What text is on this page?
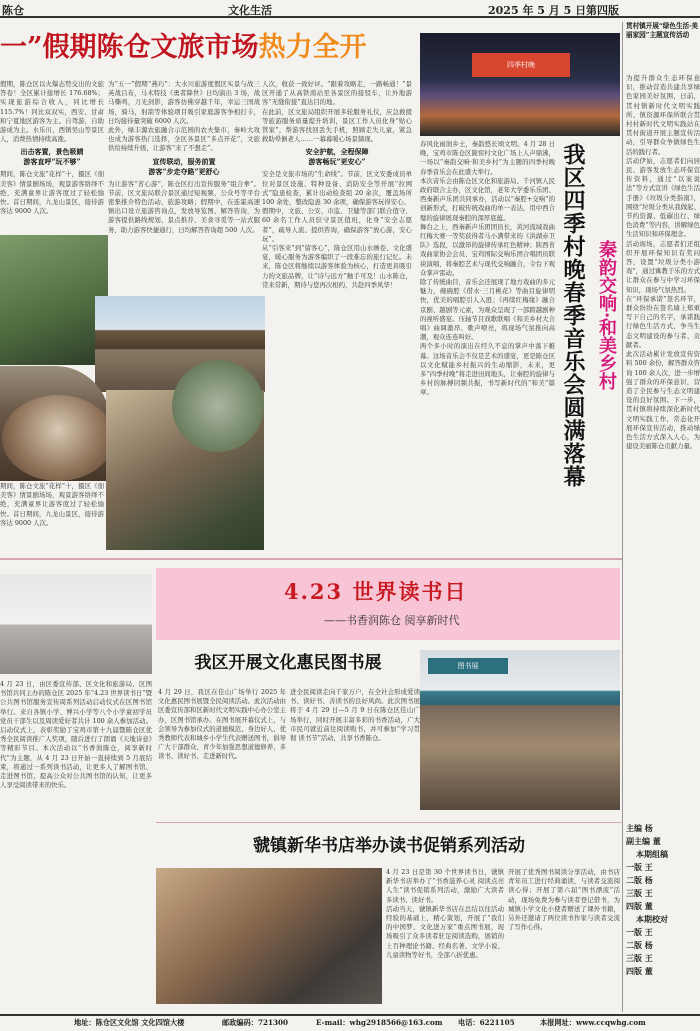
陈仓	文化生活	2025 年 5 月 5 日 第四版
一”假期陈仓文旅市场热力全开
假期，陈仓区以火爆态势交出的文旅答卷！全区累计接增长 176.68%；实现旅游综合收入，同比增长 115.7%！同比双双实，西安、甘肃和宁夏地区游客为主。自驾游，自助游成为主。水乐川、西镇吴山等景区人，消费热情持续高涨。
出击客置，景色吸睛
游客直呼“玩不够”
期间，陈仓文旅“花样”十，摄区《佃美客》情景剧场场，观景游客络绎不绝，充满童界让游客度过了轻松愉快。首日期间，九龙山景区，接待游客达 9000 人次。
为“五一”假期“燕巧”：大水川旅游度假区实景与战三英战吕布，马术特技《勇者降世》日均演出 3 场，战马嘶鸣，刀光剑影，游客仿佛穿越千年，幸运三国战场，骑马，射箭等体验项目吸引家庭游客争相打卡，日均接待量突破 6000 人次。
此外，绿丰源农旅融合示范园的农夫集市，秦岭大攻也成为游客热门选择，全区各景区“多点开花”，文旅供给持续升级，让游客“来了不想走”。
宣传联动，服务前置
游客“步走夺路”更舒心
为让游客“省心游”，陈仓区打出宣传服务“组合拳”。节前，区文旅局联合景区通过短视频、公众号等平台密集推介特色活动、旅游攻略；假期中，在连霍高速镇出口设立旅游咨询点，发放导览图、解答咨询，为游客提供路线规划、景点推荐、美食寻觅等一站式服务，助力游客快捷通行，日均解答咨询超 500 人次。
人次，收获一致好评。“跟着攻略走，一路畅通！”景区开通了从高铁南站至各景区的接驳车，让外地游客“无缝衔接”直达目的地。
在此前，区文旅局组织开展多轮服务礼仪，应急救援等旅游服务质量提升培训，景区工作人员化身“贴心管家”，帮游客找回丢失手机，照顾走失儿童，紧急救助晕倒老人……一幕幕暖心场景频现。
安全护航，全程保障
游客畅玩“更安心”
安全是文旅市场的“生命线”。节前，区文安委成员单位对景区设施、特种设备、消防安全等开展“拉网式”隐患检查，累计出动检查组 20 余次，覆盖场所 100 余处，整改隐患 30 余项，确保游客玩得安心。
假期中，文旅、公安、市监、卫健等部门联合值守，60 余名工作人员驻守景区值班，化身“安全志愿者”，疏导人流、提供咨询，确保游客“放心游，安心玩”。
从“引客来”到“留客心”，陈仓区用山水画卷、文化盛宴，暖心服务为游客编织了一段难忘的旅行记忆。未来，陈仓区将继续以游客体验为核心，打造更具吸引力的文旅品牌，让“诗与远方”触手可及！山水陈仓，常来常新，期待与您再次相约，共赴四季风华！
期间，陈仓文旅“花样”十，摄区《佃美客》情景剧场场，观景游客络绎不绝，充满童界让游客度过了轻松愉快。首日期间，九龙山景区，接待游客达 9000 人次。
四季村晚
我区四季村晚春季音乐会圆满落幕 秦韵交响·和美乡村
春风化雨润乡土，秦韵悠长颂文明。4 月 28 日晚，宝鸡市陈仓区陇窑村文化广场上人声鼎沸，一场以“秦韵交响·和美乡村”为主题的四季村晚春季音乐会在此盛大举行。
本次音乐会由陈仓区文化和旅游局、千河镇人民政府联合主办，区文化馆，老年大学委乐乐团、西秦新声乐团共同承办，活动以“秦腔+交响”的创新形式，打破传统戏曲的单一表达，用中西合璧的旋律展现秦腔的深厚底蕴。
舞台之上，西秦新声乐团团员长，黄河流域戏曲红梅大赛一等奖获得者马小满带来的《洪湖赤卫队》选段，以激昂的旋律传承红色精神；陕西省戏曲家协会会员、宝鸡国际交响乐团合唱团员联袂演唱，将秦腔艺术与现代交响融合，令台下观众掌声雷动。
除了传统曲目，音乐会还展现了地方戏曲的多元魅力，碗碗腔《借水·三月桃花》等曲目旋律明快，优美的唱腔引人入胜；《再续红梅缘》融合京剧、越剧等元素，为观众呈现了一部跨越剧种的视听盛宴。压轴节目戏歌联唱《和美乡村大合唱》曲调激昂、歌声嘹亮，将现场气氛推向高潮，观众连连叫好。
两个多小时的演出在经久不息的掌声中落下帷幕。这场音乐会不仅是艺术的盛宴，更是陈仓区以文化赋能乡村振兴的生动缩影，未来，更多“四季村晚”将走进田间地头，让秦腔的旋律与乡村的脉搏同频共振，书写新时代的“和美”篇章。
贯村镇开展“绿色生活·美丽家园”主题宣传活动
为提升群众生态环保意识，推动营造共建共享绿色家园美好氛围，日前，贯村镇新时代文明实践所、镇资源环保所联合贯村村新时代文明实践站在贯村街道开展主题宣传活动，引导群众争做绿色生活的践行者。
活动伊始，志愿者们向居民、游客发放生态环保宣传资料，通过“以案说法”等方式宣讲《绿色生活手册》《垃圾分类指南》，围绕“垃圾分类从我做起、节约资源、低碳出行、绿色消费”等内容，讲解绿色生活知识和环保理念。
活动现场，志愿者们还组织开展环保知识有奖问答，设置“垃圾分类小游戏”，通过寓教于乐的方式让群众在参与中学习环保知识，现场气氛热烈。
在“环保承诺”签名环节，群众纷纷在签名墙上郑重写下自己的名字，承诺践行绿色生活方式，争当生态文明建设的参与者、贡献者。
此次活动累计发放宣传资料 500 余份，解答群众咨询 100 余人次，进一步增强了群众的环保意识，营造了全民参与生态文明建设的良好氛围。下一步，贯村镇将持续深化新时代文明实践工作，常态化开展环保宣传活动，推动绿色生活方式深入人心，为建设美丽陈仓贡献力量。
主编 杨
副主编 董
本期组稿
一版 王
二版 杨
三版 王
四版 董
本期校对
一版 王
二版 杨
三版 王
四版 董
4.23 世界读书日
——书香润陈仓 阅享新时代
我区开展文化惠民图书展
4 月 23 日，由区委宣传部、区文化和旅游局、区图书馆共同主办的陈仓区 2025 年“4.23 世界读书日”暨公共图书馆服务宣传周系列活动启动仪式在区图书馆举行。来自各镇小学、博兴小学等八个小学童初学员党员干部生以及周读爱好者共计 100 余人参加活动。启动仪式上，表彰奖励了宝鸡市第十九届暨陈仓区优秀全民阅读推广人奖项，随后进行了朗诵《天地诗意》等精彩节目。本次活动以“书香润陈仓，阅享新时代”为主题，从 4 月 23 日开始一直持续到 5 月底结束，将通过一系列读书活动，让更多人了解图书馆、走进图书馆，提高公众对公共图书馆的认知，让更多人享受阅读带来的快乐。
4 月 29 日，我区在佳山广场举行 2025 年文化惠民图书展暨全民阅读活动。此次活动由区委宣传部和区新时代文明实践中心办公室主办，区图书馆承办。在图书展开幕仪式上，与会领导为参加仪式的道德模范、身边好人、优秀教师代表和城乡小学生代表赠送图书，倡导广大干部群众、青少年加强思想道德修养，多读书、读好书、走进新时代。
进全民阅读走向千家万户，在全社会形成爱读书、读好书、善读书的良好风尚。此次图书展将于 4 月 29 日—5 月 9 日在陈仓区佳山广场举行，同时开展丰富多彩的书香活动，广大市民可就近前往阅读购书，并可参加“学习贯彻 读书节”活动，共享书香陈仓。
图书展
虢镇新华书店举办读书促销系列活动
4 月 23 日是第 30 个世界读书日，虢镇新华书店举办了“书香滋养心灵 阅读点亮人生”读书促销系列活动，激励广大读者多读书、读好书。
活动当天，虢镇新华书店在总结以往活动经验的基础上，精心策划，开展了“我们的中国梦、文化进万家”重点图书展，现场吸引了众多读者驻足阅读选购，展销的上百种理论书籍、经典名著、文学小说、儿童读物等好书，全部八折优惠。
开展了优秀图书阅读分享活动，由书店青年员工进行经典诵读，与读者交流阅读心得；开展了第六届“图书漂流”活动，现场免费为参与读者登记借书，为城镇小学文化小使者赠送了课外书籍，另外还邀请了两位读书作家与读者交流了写作心得。
地址：陈仓区文化馆 文化四馆大楼	邮政编码：721300	E-mail：whg2918566@163.com 电话：6221105	本报网址：www.ccqwhg.com
